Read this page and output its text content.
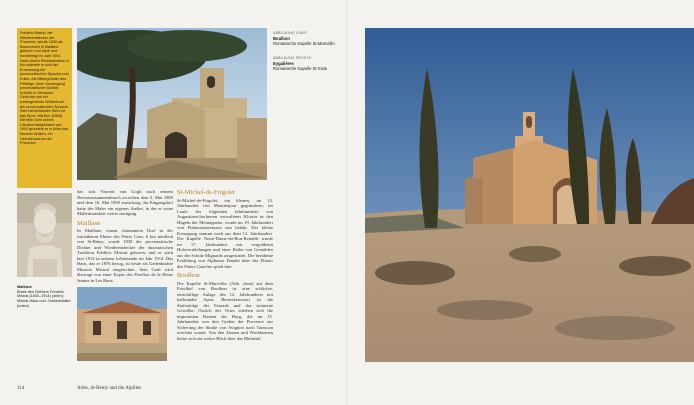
Frédéric Mistral, der Wiederentdecker der Provence, wurde 1830 als Bauernsohn in Maillane geboren und starb dort hochbetagt im Jahr 1914. Nach einem Rechtsstudium in Aix widmete er sich der Erneuerung der provenzalischen Sprache und Kultur. Als Mitbegründer des Félibrige, einer Vereinigung provenzalischer Dichter, schrieb er Versepen, Gedichte und ein umfangreiches Wörterbuch der provenzalischen Sprache. Sein berühmtestes Werk ist das Epos »Mirèio« (1859). Mit dem Geld seines Literaturnobelpreises von 1904 gründete er in Arles das Museon Arlaten, ein Heimatmuseum der Provence.

ABBILDUNG LINKS
Boulbon
Romanische Kapelle St-Marcellin
ABBILDUNG RECHTS
Eygalières
Romanische Kapelle St-Sixte
Maillane
Büste des Dichters Frédéric Mistral (1830–1914) (oben); Mistral-Haus und -Gedenkstätte (unten)

das sich Vincent van Gogh nach seinem Nervenzusammenbruch zwischen dem 3. Mai 1889 und dem 16. Mai 1890 zurückzog. Im Eingangshof hatte der Maler ein eigenes Atelier, in der er seine Malleinsamkeit weiter nachging.

Maillane

In Maillane, einem charmanten Dorf in der fruchtbaren Ebene des Petite Crau, 6 km nördlich von St-Rémy, wurde 1830 der provenzalische Dichter und Wiederentdecker der okzitanischen Tradition Frédéric Mistral geboren, und er starb hier 1914 in seinem Lebensende im Jahr 1914. Das Haus, das er 1876 bezog, ist heute als Gedenkstätte Museon Mistral eingerichtet. Sein Grab wird überragt von einer Kopie des Pavillon de la Reine Jeanne in Les Baux.

St-Michel-de-Frigolet

St-Michel-de-Frigolet, ein kleines, im 13. Jahrhundert von Montmajour gegründetes, im Laufe der folgenden Jahrhunderte von Augustinerchorherren verwaltetes Kloster in den Hügeln der Montagnette, wurde im 19. Jahrhundert von Prämonstratensern neu belebt. Der kleine Kreuzgang stammt noch aus dem 12. Jahrhundert. Die Kapelle Notre-Dame-du-Bon-Remède wurde im 17. Jahrhundert mit vergoldeten Holzvertäfelungen und einer Reihe von Gemälden aus der Schule Mignards ausgestattet. Die berühmte Erzählung von Alphonse Daudet über das Elixier des Paters Gaucher spielt hier.

Boulbon

Die Kapelle St-Marcellin (Abb. oben) auf dem Friedhof von Boulbon ist eine schlichte, einschiffige Anlage des 12. Jahrhunderts mit halbrunder Apsis. Bemerkenswert ist die Stufenfolge der Fassade und das steinerne Gewölbe. Östlich des Ortes erheben sich die imposanten Ruinen der Burg, die im 15. Jahrhundert von den Grafen der Provence zur Sicherung der Straße von Avignon nach Tarascon errichtet wurde. Von den Zinnen und Wachtürmen bietet sich ein weiter Blick über das Rhônetal.

114	Arles, St-Rémy und die Alpilles
